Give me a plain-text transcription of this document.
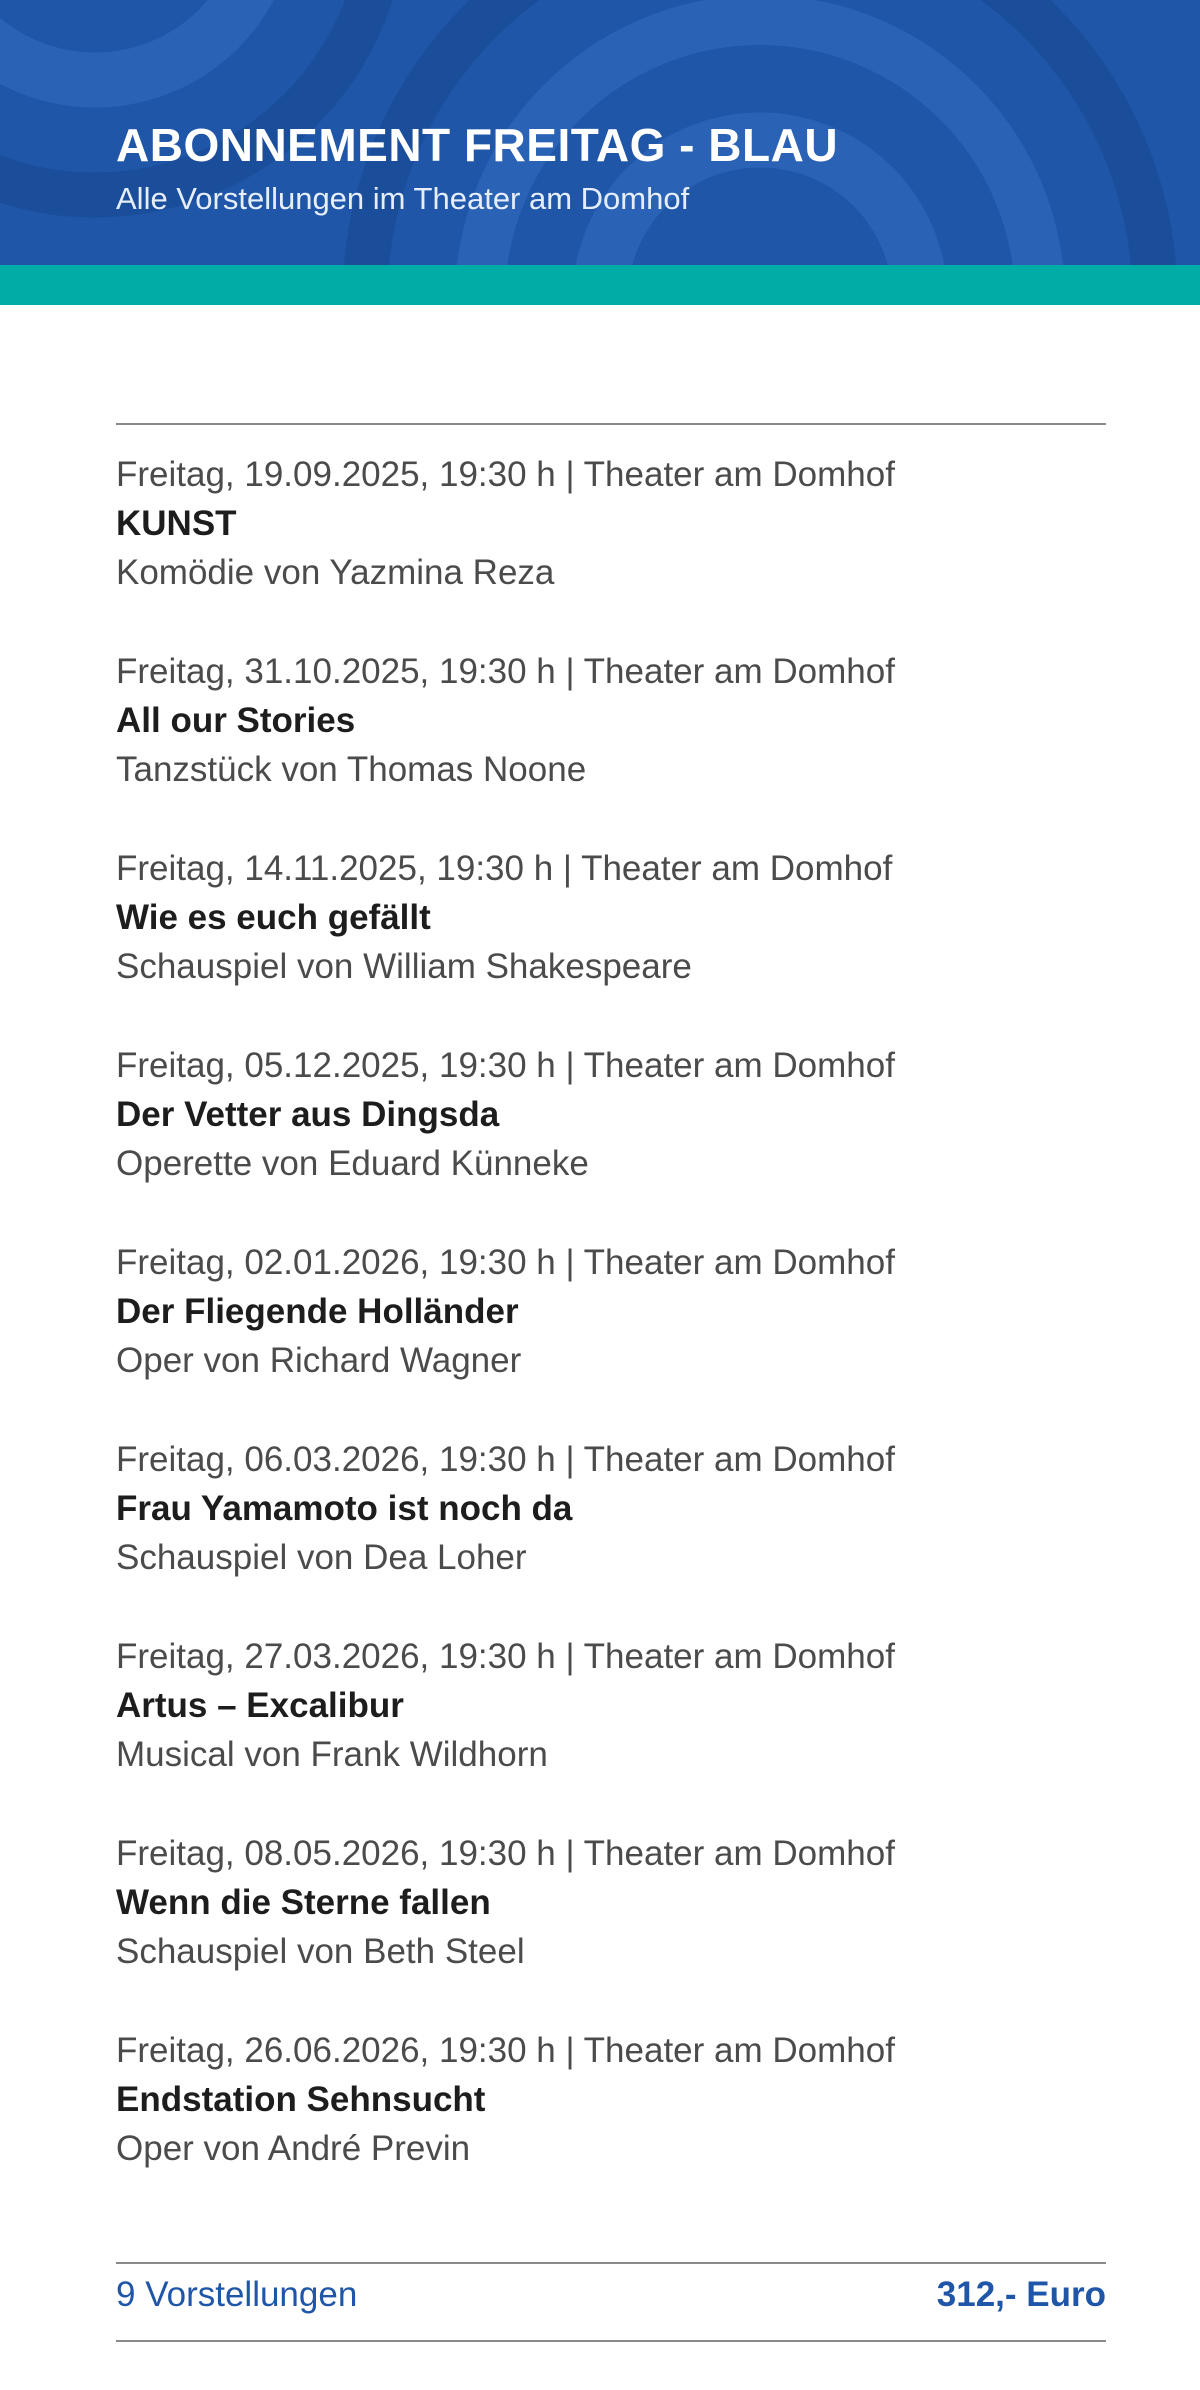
ABONNEMENT FREITAG - BLAU

Alle Vorstellungen im Theater am Domhof

Freitag, 19.09.2025, 19:30 h | Theater am Domhof
KUNST
Komödie von Yazmina Reza
Freitag, 31.10.2025, 19:30 h | Theater am Domhof
All our Stories
Tanzstück von Thomas Noone
Freitag, 14.11.2025, 19:30 h | Theater am Domhof
Wie es euch gefällt
Schauspiel von William Shakespeare
Freitag, 05.12.2025, 19:30 h | Theater am Domhof
Der Vetter aus Dingsda
Operette von Eduard Künneke
Freitag, 02.01.2026, 19:30 h | Theater am Domhof
Der Fliegende Holländer
Oper von Richard Wagner
Freitag, 06.03.2026, 19:30 h | Theater am Domhof
Frau Yamamoto ist noch da
Schauspiel von Dea Loher
Freitag, 27.03.2026, 19:30 h | Theater am Domhof
Artus – Excalibur
Musical von Frank Wildhorn
Freitag, 08.05.2026, 19:30 h | Theater am Domhof
Wenn die Sterne fallen
Schauspiel von Beth Steel
Freitag, 26.06.2026, 19:30 h | Theater am Domhof
Endstation Sehnsucht
Oper von André Previn
9 Vorstellungen	312,- Euro
